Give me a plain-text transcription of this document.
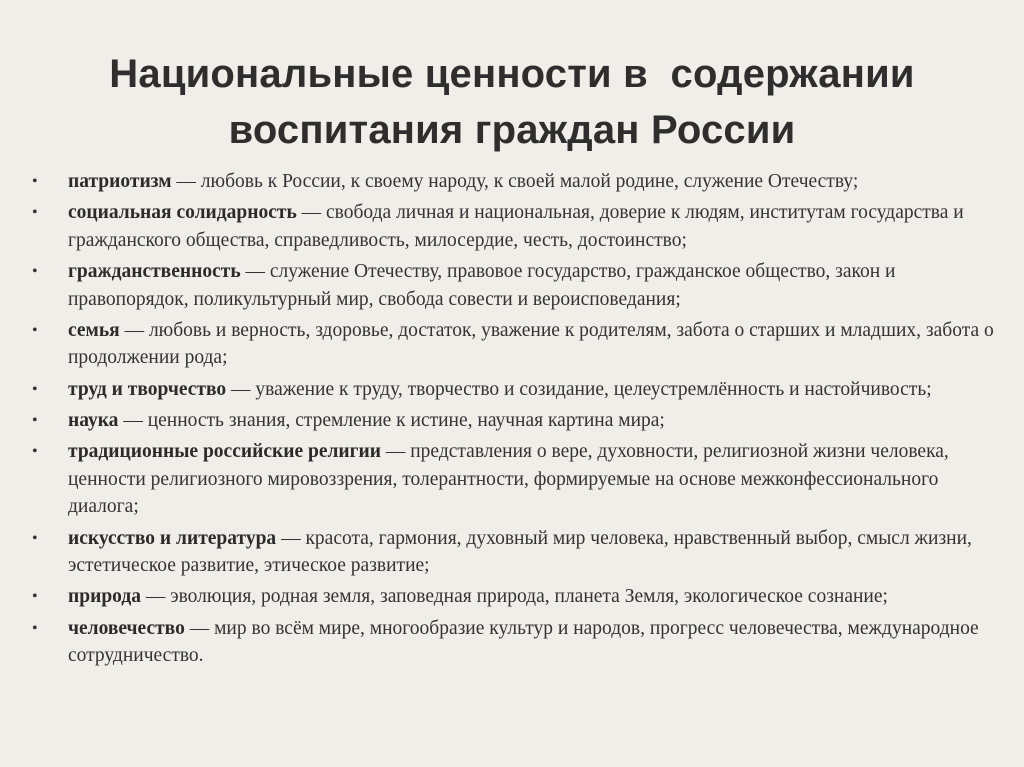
Национальные ценности в  содержании
воспитания граждан России
•	патриотизм — любовь к России, к своему народу, к своей малой родине, служение Отечеству;
•	социальная солидарность — свобода личная и национальная, доверие к людям, институтам государства и гражданского общества, справедливость, милосердие, честь, достоинство;
•	гражданственность — служение Отечеству, правовое государство, гражданское общество, закон и правопорядок, поликультурный мир, свобода совести и вероисповедания;
•	семья — любовь и верность, здоровье, достаток, уважение к родителям, забота о старших и младших, забота о продолжении рода;
•	труд и творчество — уважение к труду, творчество и созидание, целеустремлённость и настойчивость;
•	наука — ценность знания, стремление к истине, научная картина мира;
•	традиционные российские религии — представления о вере, духовности, религиозной жизни человека, ценности религиозного мировоззрения, толерантности, формируемые на основе межконфессионального диалога;
•	искусство и литература — красота, гармония, духовный мир человека, нравственный выбор, смысл жизни, эстетическое развитие, этическое развитие;
•	природа — эволюция, родная земля, заповедная природа, планета Земля, экологическое сознание;
•	человечество — мир во всём мире, многообразие культур и народов, прогресс человечества, международное сотрудничество.
